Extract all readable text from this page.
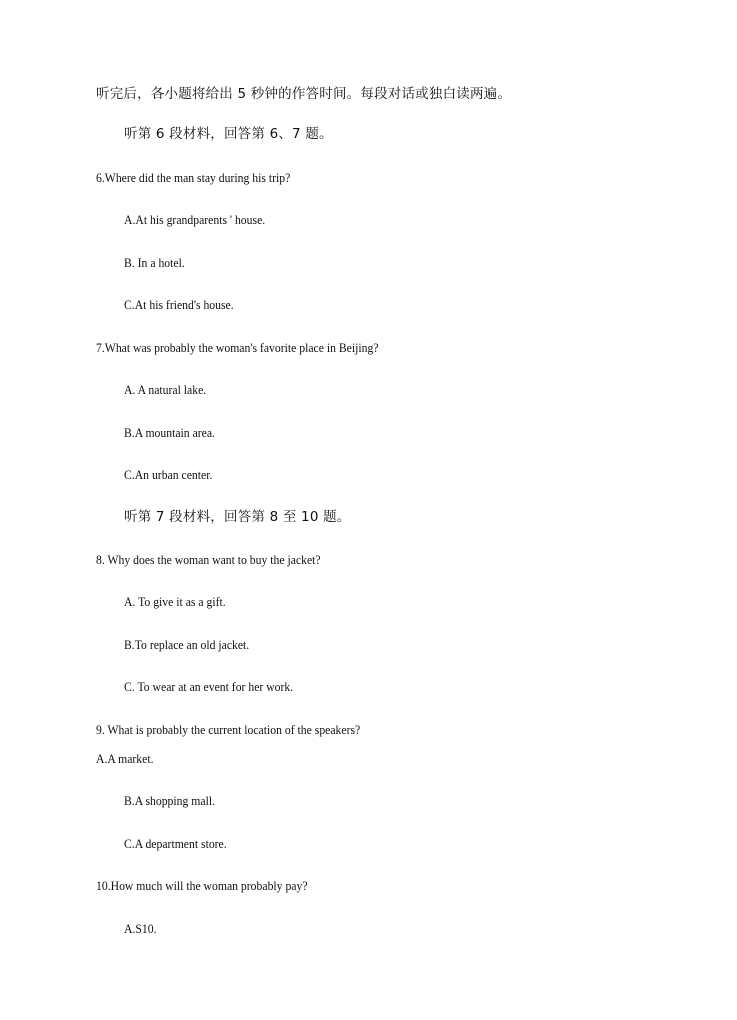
听完后，各小题将给出 5 秒钟的作答时间。每段对话或独白读两遍。
听第 6 段材料，回答第 6、7 题。
6.Where did the man stay during his trip?
A.At his grandparents ' house.
B. In a hotel.
C.At his friend's house.
7.What was probably the woman's favorite place in Beijing?
A. A natural lake.
B.A mountain area.
C.An urban center.
听第 7 段材料，回答第 8 至 10 题。
8. Why does the woman want to buy the jacket?
A. To give it as a gift.
B.To replace an old jacket.
C. To wear at an event for her work.
9. What is probably the current location of the speakers?
A.A market.
B.A shopping mall.
C.A department store.
10.How much will the woman probably pay?
A.S10.
